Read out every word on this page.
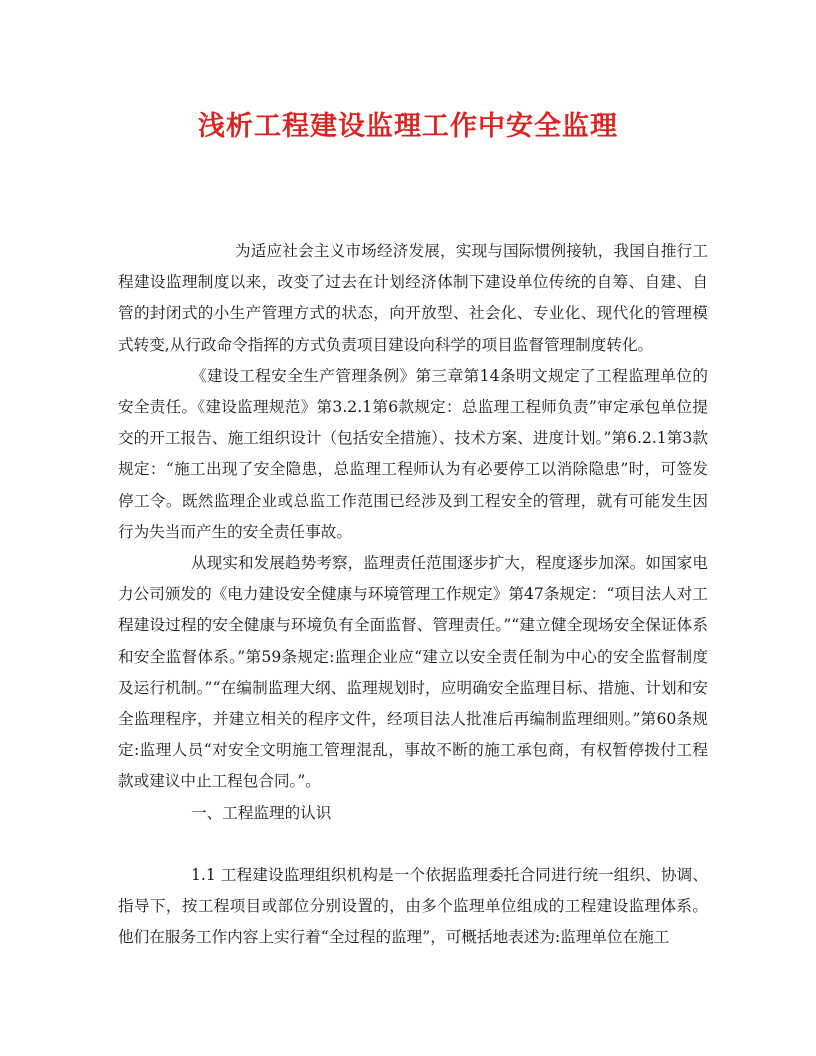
浅析工程建设监理工作中安全监理

为适应社会主义市场经济发展，实现与国际惯例接轨，我国自推行工程建设监理制度以来，改变了过去在计划经济体制下建设单位传统的自筹、自建、自管的封闭式的小生产管理方式的状态，向开放型、社会化、专业化、现代化的管理模式转变,从行政命令指挥的方式负责项目建设向科学的项目监督管理制度转化。

《建设工程安全生产管理条例》第三章第14条明文规定了工程监理单位的安全责任。《建设监理规范》第3.2.1第6款规定：总监理工程师负责”审定承包单位提交的开工报告、施工组织设计（包括安全措施）、技术方案、进度计划。”第6.2.1第3款规定：“施工出现了安全隐患，总监理工程师认为有必要停工以消除隐患”时，可签发停工令。既然监理企业或总监工作范围已经涉及到工程安全的管理，就有可能发生因行为失当而产生的安全责任事故。

从现实和发展趋势考察，监理责任范围逐步扩大，程度逐步加深。如国家电力公司颁发的《电力建设安全健康与环境管理工作规定》第47条规定：“项目法人对工程建设过程的安全健康与环境负有全面监督、管理责任。”“建立健全现场安全保证体系和安全监督体系。”第59条规定:监理企业应“建立以安全责任制为中心的安全监督制度及运行机制。”“在编制监理大纲、监理规划时，应明确安全监理目标、措施、计划和安全监理程序，并建立相关的程序文件，经项目法人批准后再编制监理细则。”第60条规定:监理人员“对安全文明施工管理混乱，事故不断的施工承包商，有权暂停拨付工程款或建议中止工程包合同。”。

一、工程监理的认识

1.1 工程建设监理组织机构是一个依据监理委托合同进行统一组织、协调、指导下，按工程项目或部位分别设置的，由多个监理单位组成的工程建设监理体系。他们在服务工作内容上实行着“全过程的监理”，可概括地表述为:监理单位在施工
